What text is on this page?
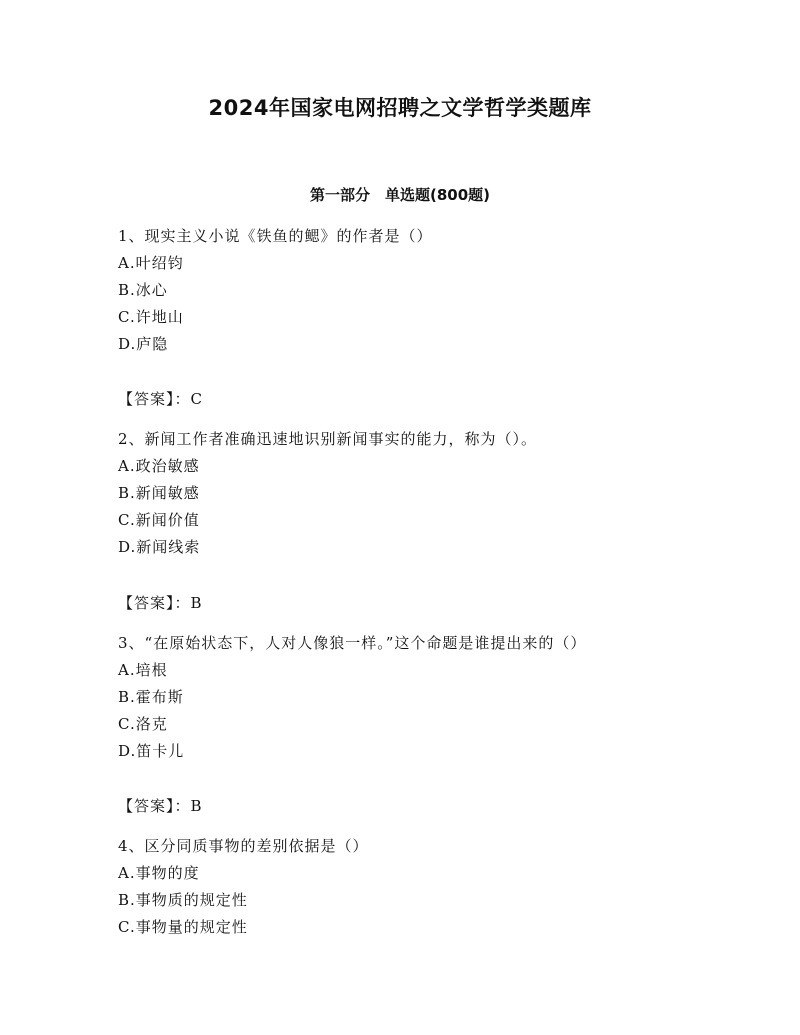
2024年国家电网招聘之文学哲学类题库
第一部分　单选题(800题)
1、现实主义小说《铁鱼的鳃》的作者是（）
A.叶绍钧
B.冰心
C.许地山
D.庐隐
【答案】：C
2、新闻工作者准确迅速地识别新闻事实的能力，称为（）。
A.政治敏感
B.新闻敏感
C.新闻价值
D.新闻线索
【答案】：B
3、“在原始状态下，人对人像狼一样。”这个命题是谁提出来的（）
A.培根
B.霍布斯
C.洛克
D.笛卡儿
【答案】：B
4、区分同质事物的差别依据是（）
A.事物的度
B.事物质的规定性
C.事物量的规定性
